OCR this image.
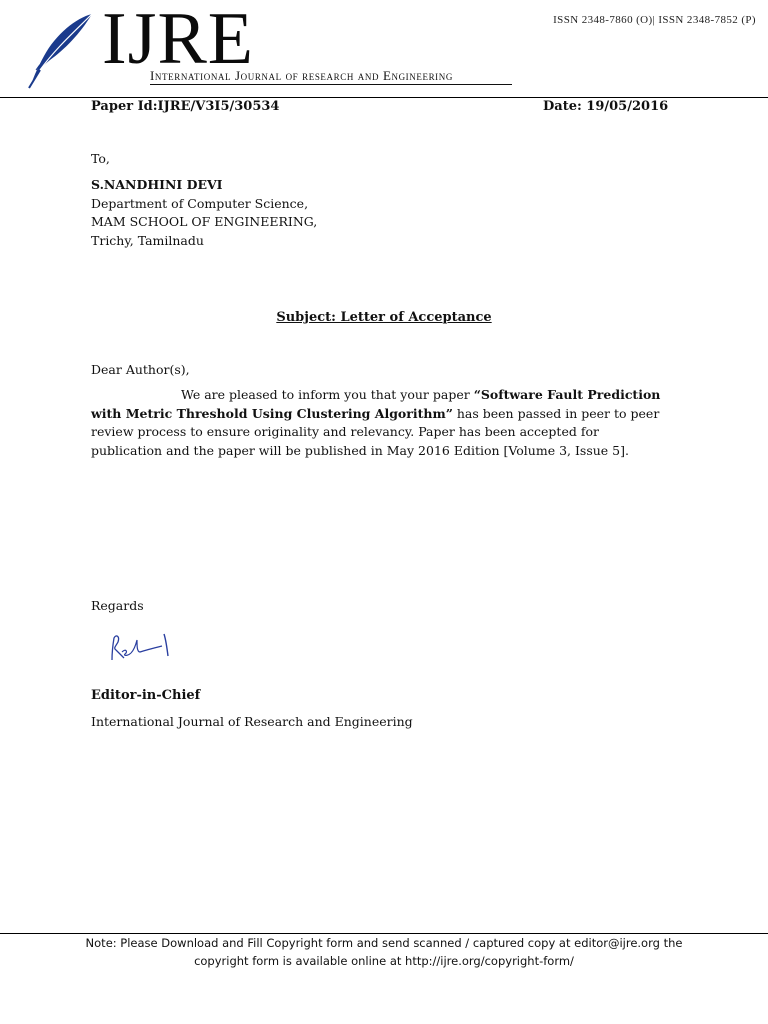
IJRE
International Journal of research and Engineering
ISSN 2348-7860 (O)| ISSN 2348-7852 (P)
Paper Id:IJRE/V3I5/30534	Date: 19/05/2016
To,
S.NANDHINI DEVI
Department of Computer Science,
MAM SCHOOL OF ENGINEERING,
Trichy, Tamilnadu
Subject: Letter of Acceptance
Dear Author(s),

We are pleased to inform you that your paper “Software Fault Prediction with Metric Threshold Using Clustering Algorithm” has been passed in peer to peer review process to ensure originality and relevancy. Paper has been accepted for publication and the paper will be published in May 2016 Edition [Volume 3, Issue 5].

Regards
Editor-in-Chief
International Journal of Research and Engineering
Note: Please Download and Fill Copyright form and send scanned / captured copy at editor@ijre.org the
copyright form is available online at http://ijre.org/copyright-form/
